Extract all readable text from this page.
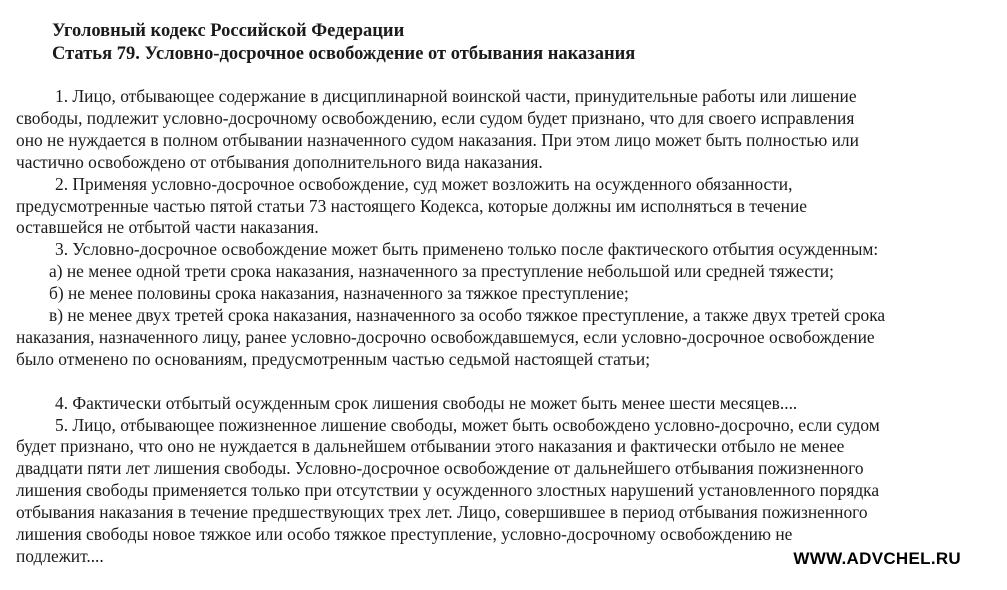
Уголовный кодекс Российской Федерации
Статья 79. Условно-досрочное освобождение от отбывания наказания
1. Лицо, отбывающее содержание в дисциплинарной воинской части, принудительные работы или лишение
свободы, подлежит условно-досрочному освобождению, если судом будет признано, что для своего исправления
оно не нуждается в полном отбывании назначенного судом наказания. При этом лицо может быть полностью или
частично освобождено от отбывания дополнительного вида наказания.
2. Применяя условно-досрочное освобождение, суд может возложить на осужденного обязанности,
предусмотренные частью пятой статьи 73 настоящего Кодекса, которые должны им исполняться в течение
оставшейся не отбытой части наказания.
3. Условно-досрочное освобождение может быть применено только после фактического отбытия осужденным:
а) не менее одной трети срока наказания, назначенного за преступление небольшой или средней тяжести;
б) не менее половины срока наказания, назначенного за тяжкое преступление;
в) не менее двух третей срока наказания, назначенного за особо тяжкое преступление, а также двух третей срока
наказания, назначенного лицу, ранее условно-досрочно освобождавшемуся, если условно-досрочное освобождение
было отменено по основаниям, предусмотренным частью седьмой настоящей статьи;
4. Фактически отбытый осужденным срок лишения свободы не может быть менее шести месяцев....
5. Лицо, отбывающее пожизненное лишение свободы, может быть освобождено условно-досрочно, если судом
будет признано, что оно не нуждается в дальнейшем отбывании этого наказания и фактически отбыло не менее
двадцати пяти лет лишения свободы. Условно-досрочное освобождение от дальнейшего отбывания пожизненного
лишения свободы применяется только при отсутствии у осужденного злостных нарушений установленного порядка
отбывания наказания в течение предшествующих трех лет. Лицо, совершившее в период отбывания пожизненного
лишения свободы новое тяжкое или особо тяжкое преступление, условно-досрочному освобождению не
подлежит....	WWW.ADVCHEL.RU
